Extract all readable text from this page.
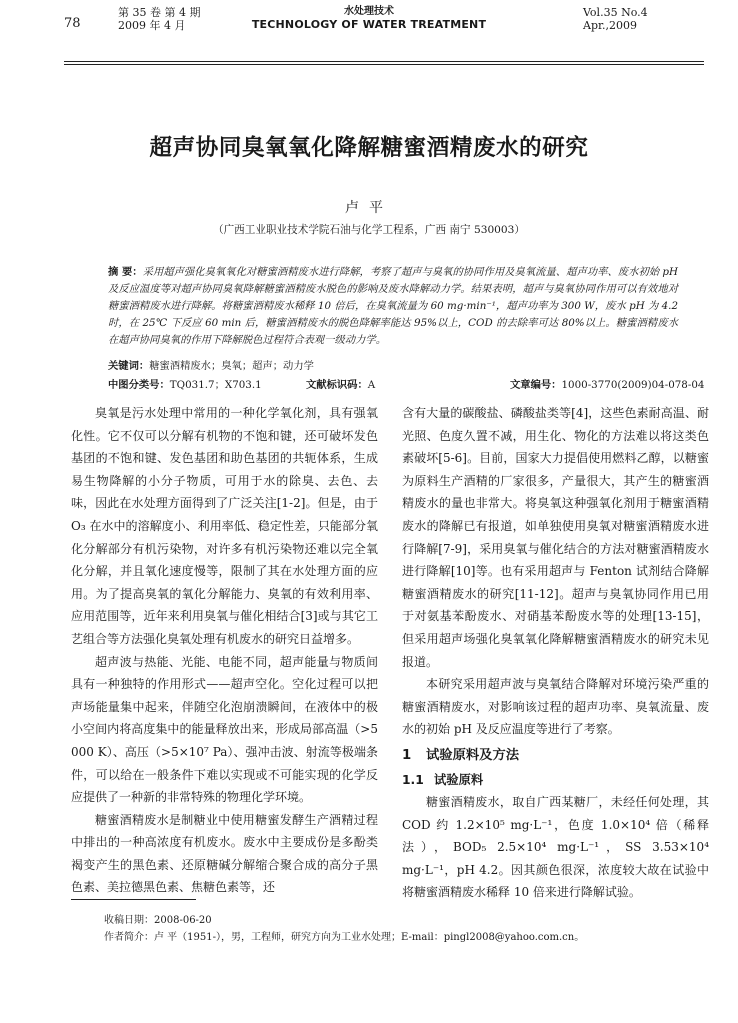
78
第 35 卷 第 4 期
2009 年 4 月
水处理技术
TECHNOLOGY OF WATER TREATMENT
Vol.35 No.4
Apr.,2009
超声协同臭氧氧化降解糖蜜酒精废水的研究
卢平
（广西工业职业技术学院石油与化学工程系，广西 南宁 530003）
摘 要：采用超声强化臭氧氧化对糖蜜酒精废水进行降解，考察了超声与臭氧的协同作用及臭氧流量、超声功率、废水初始 pH 及反应温度等对超声协同臭氧降解糖蜜酒精废水脱色的影响及废水降解动力学。结果表明，超声与臭氧协同作用可以有效地对糖蜜酒精废水进行降解。将糖蜜酒精废水稀释 10 倍后，在臭氧流量为 60 mg·min⁻¹，超声功率为 300 W，废水 pH 为 4.2 时，在 25℃ 下反应 60 min 后，糖蜜酒精废水的脱色降解率能达 95%以上，COD 的去除率可达 80%以上。糖蜜酒精废水在超声协同臭氧的作用下降解脱色过程符合表观一级动力学。
关键词：糖蜜酒精废水；臭氧；超声；动力学
中图分类号：TQ031.7；X703.1	文献标识码：A	文章编号：1000-3770(2009)04-078-04

臭氧是污水处理中常用的一种化学氧化剂，具有强氧化性。它不仅可以分解有机物的不饱和键，还可破坏发色基团的不饱和键、发色基团和助色基团的共轭体系，生成易生物降解的小分子物质，可用于水的除臭、去色、去味，因此在水处理方面得到了广泛关注[1-2]。但是，由于 O₃ 在水中的溶解度小、利用率低、稳定性差，只能部分氧化分解部分有机污染物，对许多有机污染物还难以完全氧化分解，并且氧化速度慢等，限制了其在水处理方面的应用。为了提高臭氧的氧化分解能力、臭氧的有效利用率、应用范围等，近年来利用臭氧与催化相结合[3]或与其它工艺组合等方法强化臭氧处理有机废水的研究日益增多。

超声波与热能、光能、电能不同，超声能量与物质间具有一种独特的作用形式——超声空化。空化过程可以把声场能量集中起来，伴随空化泡崩溃瞬间，在液体中的极小空间内将高度集中的能量释放出来，形成局部高温（>5 000 K）、高压（>5×10⁷ Pa）、强冲击波、射流等极端条件，可以给在一般条件下难以实现或不可能实现的化学反应提供了一种新的非常特殊的物理化学环境。

糖蜜酒精废水是制糖业中使用糖蜜发酵生产酒精过程中排出的一种高浓度有机废水。废水中主要成份是多酚类褐变产生的黑色素、还原糖碱分解缩合聚合成的高分子黑色素、美拉德黑色素、焦糖色素等，还

含有大量的碳酸盐、磷酸盐类等[4]，这些色素耐高温、耐光照、色度久置不减，用生化、物化的方法难以将这类色素破坏[5-6]。目前，国家大力提倡使用燃料乙醇，以糖蜜为原料生产酒精的厂家很多，产量很大，其产生的糖蜜酒精废水的量也非常大。将臭氧这种强氧化剂用于糖蜜酒精废水的降解已有报道，如单独使用臭氧对糖蜜酒精废水进行降解[7-9]，采用臭氧与催化结合的方法对糖蜜酒精废水进行降解[10]等。也有采用超声与 Fenton 试剂结合降解糖蜜酒精废水的研究[11-12]。超声与臭氧协同作用已用于对氨基苯酚废水、对硝基苯酚废水等的处理[13-15]，但采用超声场强化臭氧氧化降解糖蜜酒精废水的研究未见报道。

本研究采用超声波与臭氧结合降解对环境污染严重的糖蜜酒精废水，对影响该过程的超声功率、臭氧流量、废水的初始 pH 及反应温度等进行了考察。

1 试验原料及方法
1.1 试验原料

糖蜜酒精废水，取自广西某糖厂，未经任何处理，其 COD 约 1.2×10⁵ mg·L⁻¹，色度 1.0×10⁴ 倍（稀释法），BOD₅ 2.5×10⁴ mg·L⁻¹，SS 3.53×10⁴ mg·L⁻¹，pH 4.2。因其颜色很深，浓度较大故在试验中将糖蜜酒精废水稀释 10 倍来进行降解试验。

收稿日期：2008-06-20
作者简介：卢 平（1951-），男，工程师，研究方向为工业水处理；E-mail：pingl2008@yahoo.com.cn。
